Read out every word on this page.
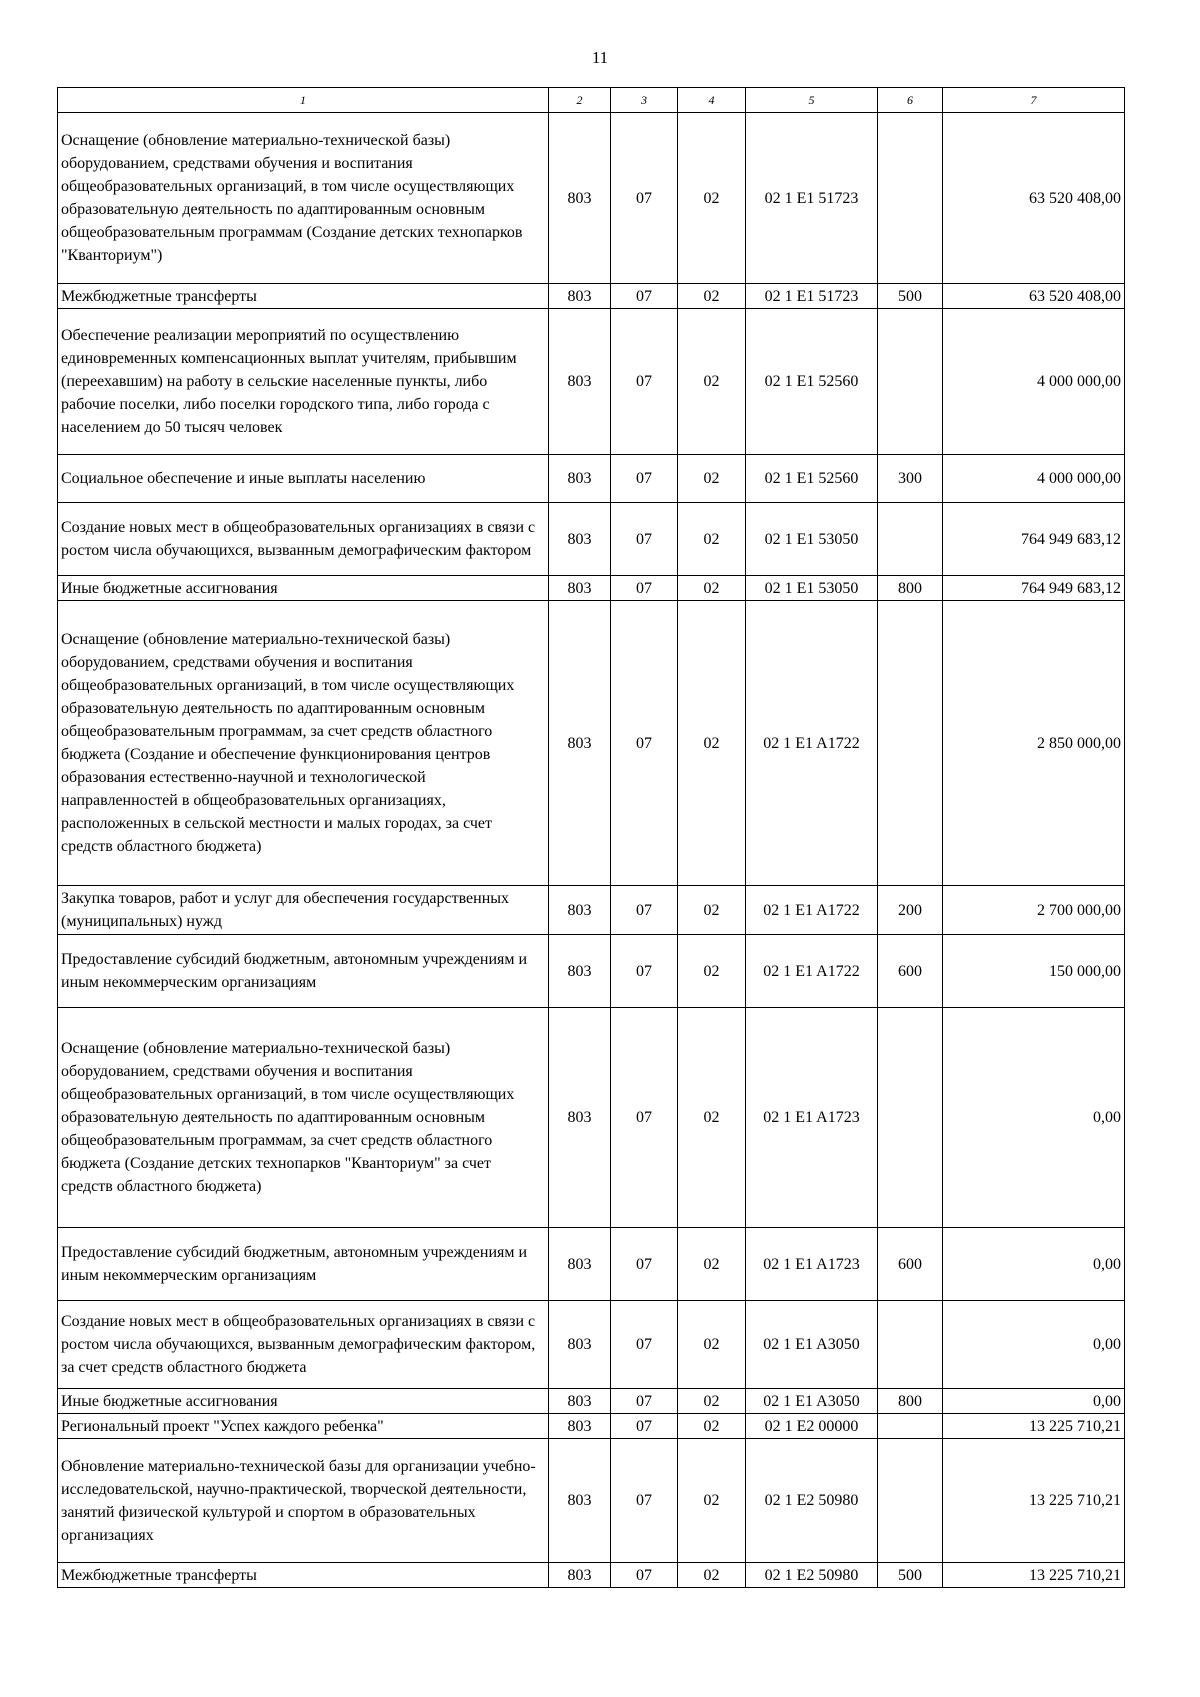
11
1	2	3	4	5	6	7
Оснащение (обновление материально-технической базы) оборудованием, средствами обучения и воспитания общеобразовательных организаций, в том числе осуществляющих образовательную деятельность по адаптированным основным общеобразовательным программам (Создание детских технопарков "Кванториум")	803	07	02	02 1 E1 51723		63 520 408,00
Межбюджетные трансферты	803	07	02	02 1 E1 51723	500	63 520 408,00
Обеспечение реализации мероприятий по осуществлению единовременных компенсационных выплат учителям, прибывшим (переехавшим) на работу в сельские населенные пункты, либо рабочие поселки, либо поселки городского типа, либо города с населением до 50 тысяч человек	803	07	02	02 1 E1 52560		4 000 000,00
Социальное обеспечение и иные выплаты населению	803	07	02	02 1 E1 52560	300	4 000 000,00
Создание новых мест в общеобразовательных организациях в связи с ростом числа обучающихся, вызванным демографическим фактором	803	07	02	02 1 E1 53050		764 949 683,12
Иные бюджетные ассигнования	803	07	02	02 1 E1 53050	800	764 949 683,12
Оснащение (обновление материально-технической базы) оборудованием, средствами обучения и воспитания общеобразовательных организаций, в том числе осуществляющих образовательную деятельность по адаптированным основным общеобразовательным программам, за счет средств областного бюджета (Создание и обеспечение функционирования центров образования естественно-научной и технологической направленностей в общеобразовательных организациях, расположенных в сельской местности и малых городах, за счет средств областного бюджета)	803	07	02	02 1 E1 A1722		2 850 000,00
Закупка товаров, работ и услуг для обеспечения государственных (муниципальных) нужд	803	07	02	02 1 E1 A1722	200	2 700 000,00
Предоставление субсидий бюджетным, автономным учреждениям и иным некоммерческим организациям	803	07	02	02 1 E1 A1722	600	150 000,00
Оснащение (обновление материально-технической базы) оборудованием, средствами обучения и воспитания общеобразовательных организаций, в том числе осуществляющих образовательную деятельность по адаптированным основным общеобразовательным программам, за счет средств областного бюджета (Создание детских технопарков "Кванториум" за счет средств областного бюджета)	803	07	02	02 1 E1 A1723		0,00
Предоставление субсидий бюджетным, автономным учреждениям и иным некоммерческим организациям	803	07	02	02 1 E1 A1723	600	0,00
Создание новых мест в общеобразовательных организациях в связи с ростом числа обучающихся, вызванным демографическим фактором, за счет средств областного бюджета	803	07	02	02 1 E1 A3050		0,00
Иные бюджетные ассигнования	803	07	02	02 1 E1 A3050	800	0,00
Региональный проект "Успех каждого ребенка"	803	07	02	02 1 E2 00000		13 225 710,21
Обновление материально-технической базы для организации учебно-исследовательской, научно-практической, творческой деятельности, занятий физической культурой и спортом в образовательных организациях	803	07	02	02 1 E2 50980		13 225 710,21
Межбюджетные трансферты	803	07	02	02 1 E2 50980	500	13 225 710,21
